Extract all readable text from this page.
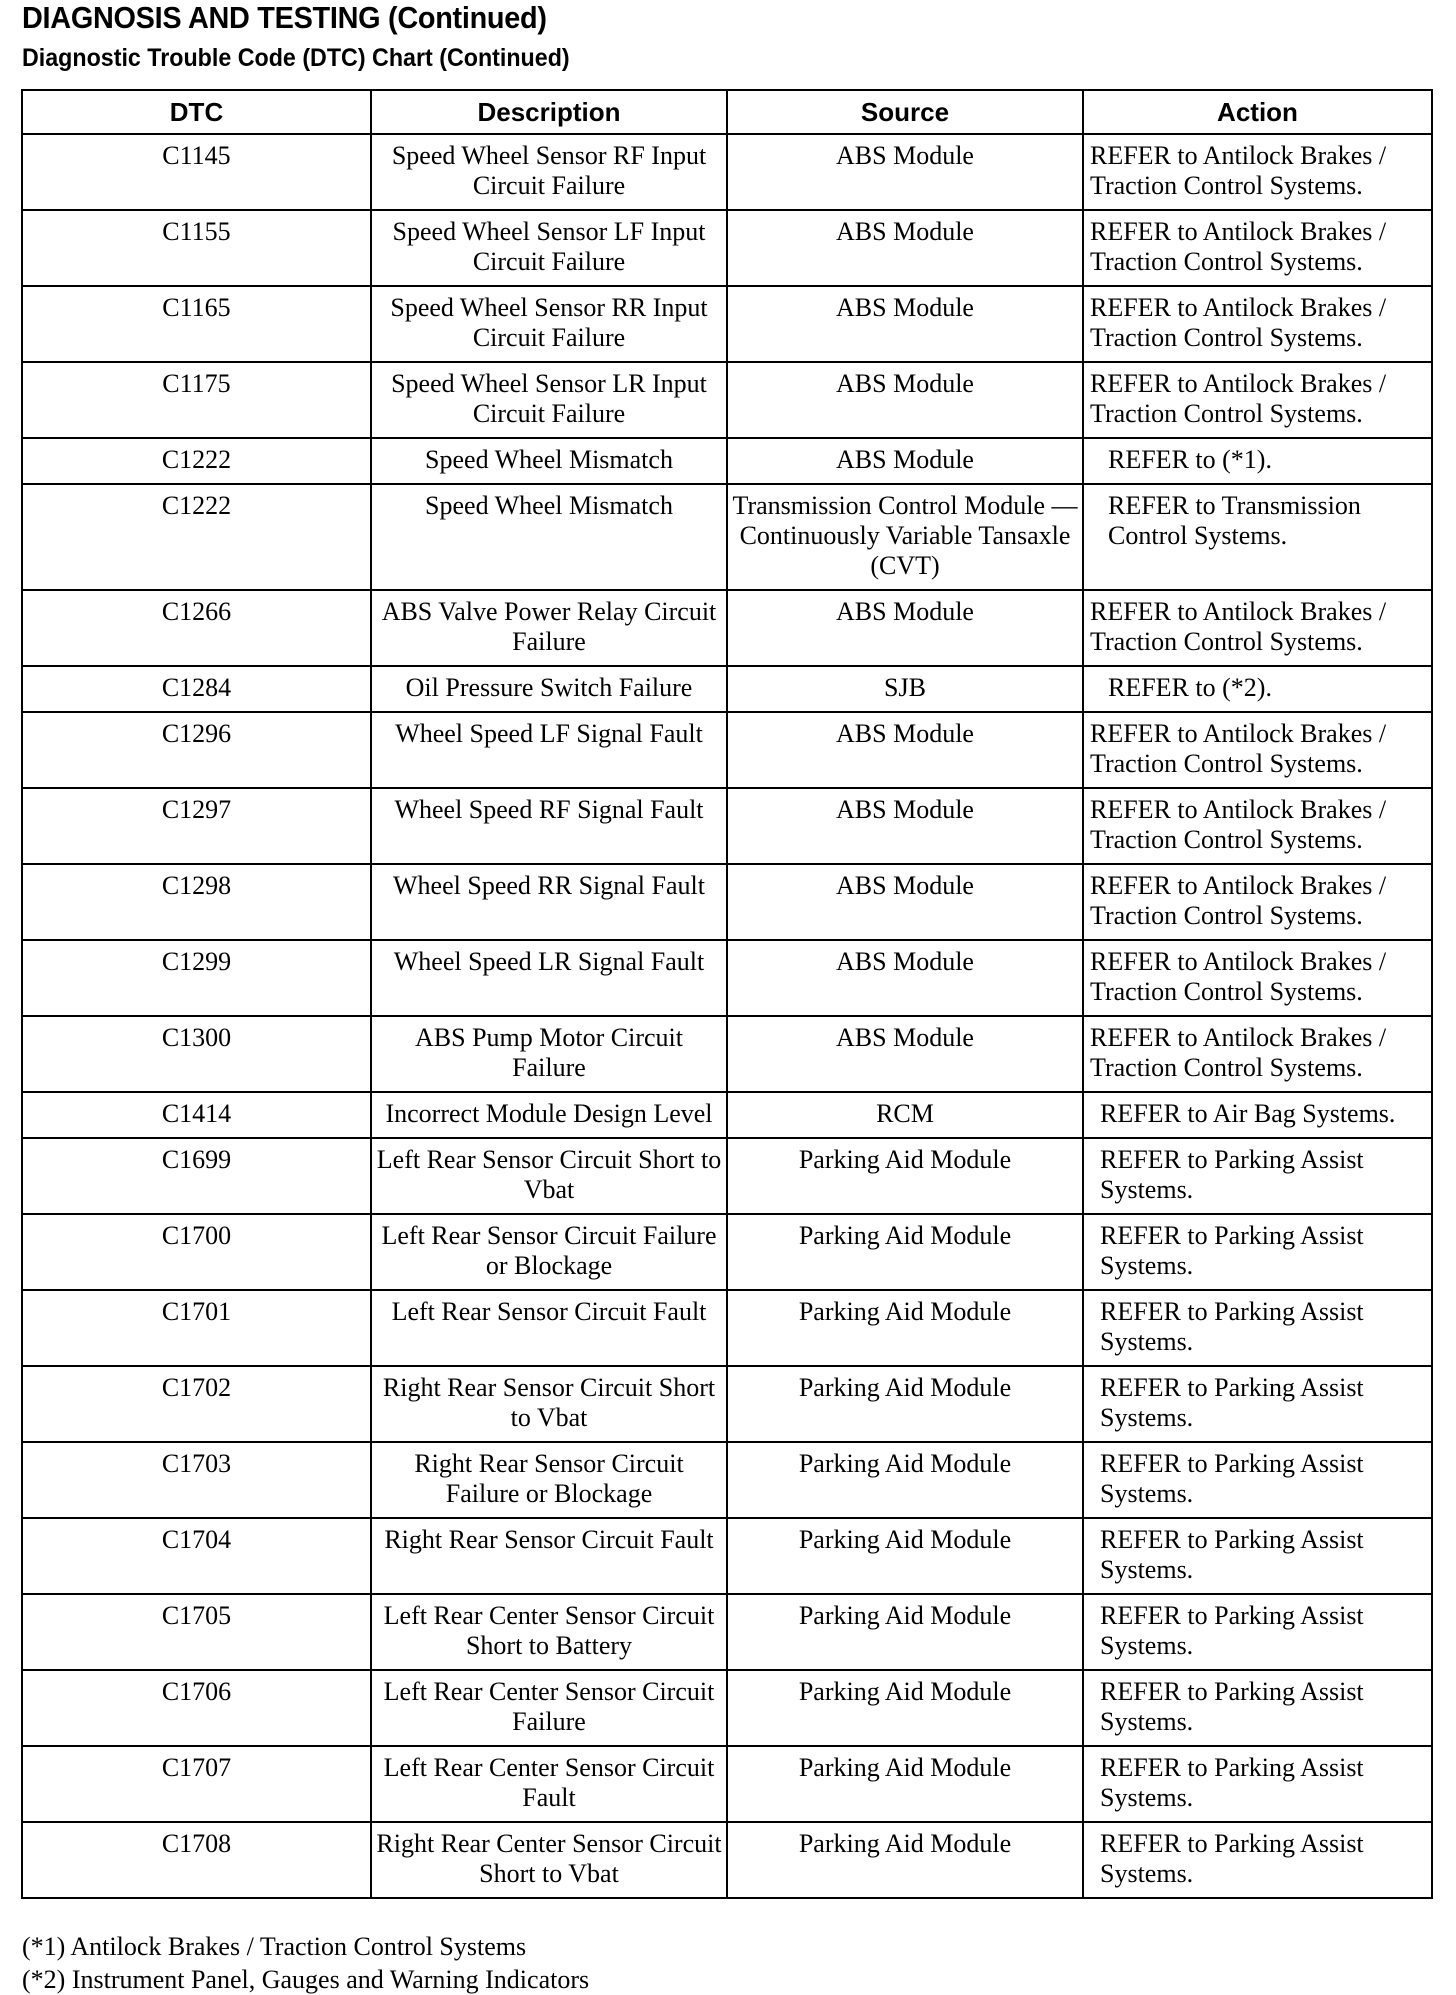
DIAGNOSIS AND TESTING (Continued)
Diagnostic Trouble Code (DTC) Chart (Continued)
DTC	Description	Source	Action
C1145	Speed Wheel Sensor RF Input Circuit Failure	ABS Module	REFER to Antilock Brakes / Traction Control Systems.
C1155	Speed Wheel Sensor LF Input Circuit Failure	ABS Module	REFER to Antilock Brakes / Traction Control Systems.
C1165	Speed Wheel Sensor RR Input Circuit Failure	ABS Module	REFER to Antilock Brakes / Traction Control Systems.
C1175	Speed Wheel Sensor LR Input Circuit Failure	ABS Module	REFER to Antilock Brakes / Traction Control Systems.
C1222	Speed Wheel Mismatch	ABS Module	REFER to (*1).
C1222	Speed Wheel Mismatch	Transmission Control Module — Continuously Variable Tansaxle (CVT)	REFER to Transmission Control Systems.
C1266	ABS Valve Power Relay Circuit Failure	ABS Module	REFER to Antilock Brakes / Traction Control Systems.
C1284	Oil Pressure Switch Failure	SJB	REFER to (*2).
C1296	Wheel Speed LF Signal Fault	ABS Module	REFER to Antilock Brakes / Traction Control Systems.
C1297	Wheel Speed RF Signal Fault	ABS Module	REFER to Antilock Brakes / Traction Control Systems.
C1298	Wheel Speed RR Signal Fault	ABS Module	REFER to Antilock Brakes / Traction Control Systems.
C1299	Wheel Speed LR Signal Fault	ABS Module	REFER to Antilock Brakes / Traction Control Systems.
C1300	ABS Pump Motor Circuit Failure	ABS Module	REFER to Antilock Brakes / Traction Control Systems.
C1414	Incorrect Module Design Level	RCM	REFER to Air Bag Systems.
C1699	Left Rear Sensor Circuit Short to Vbat	Parking Aid Module	REFER to Parking Assist Systems.
C1700	Left Rear Sensor Circuit Failure or Blockage	Parking Aid Module	REFER to Parking Assist Systems.
C1701	Left Rear Sensor Circuit Fault	Parking Aid Module	REFER to Parking Assist Systems.
C1702	Right Rear Sensor Circuit Short to Vbat	Parking Aid Module	REFER to Parking Assist Systems.
C1703	Right Rear Sensor Circuit Failure or Blockage	Parking Aid Module	REFER to Parking Assist Systems.
C1704	Right Rear Sensor Circuit Fault	Parking Aid Module	REFER to Parking Assist Systems.
C1705	Left Rear Center Sensor Circuit Short to Battery	Parking Aid Module	REFER to Parking Assist Systems.
C1706	Left Rear Center Sensor Circuit Failure	Parking Aid Module	REFER to Parking Assist Systems.
C1707	Left Rear Center Sensor Circuit Fault	Parking Aid Module	REFER to Parking Assist Systems.
C1708	Right Rear Center Sensor Circuit Short to Vbat	Parking Aid Module	REFER to Parking Assist Systems.
(*1) Antilock Brakes / Traction Control Systems
(*2) Instrument Panel, Gauges and Warning Indicators
